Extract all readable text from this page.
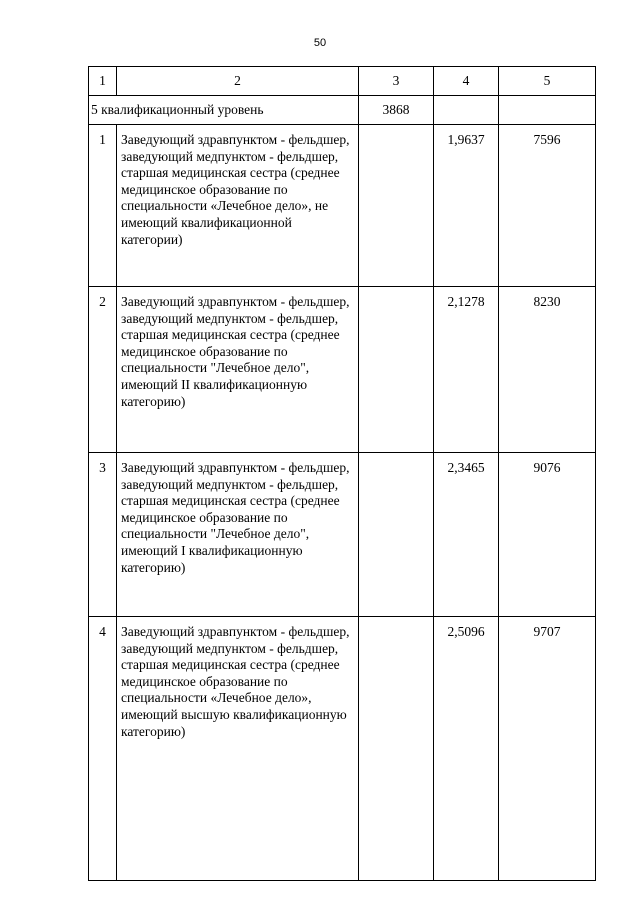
50
1	2	3	4	5
5 квалификационный уровень		3868		
1	Заведующий здравпунктом - фельдшер, заведующий медпунктом - фельдшер, старшая медицинская сестра (среднее медицинское образование по специальности «Лечебное дело», не имеющий квалификационной категории)		1,9637	7596
2	Заведующий здравпунктом - фельдшер, заведующий медпунктом - фельдшер, старшая медицинская сестра (среднее медицинское образование по специальности "Лечебное дело", имеющий II квалификационную категорию)		2,1278	8230
3	Заведующий здравпунктом - фельдшер, заведующий медпунктом - фельдшер, старшая медицинская сестра (среднее медицинское образование по специальности "Лечебное дело", имеющий I квалификационную категорию)		2,3465	9076
4	Заведующий здравпунктом - фельдшер, заведующий медпунктом - фельдшер, старшая медицинская сестра (среднее медицинское образование по специальности «Лечебное дело», имеющий высшую квалификационную категорию)		2,5096	9707
